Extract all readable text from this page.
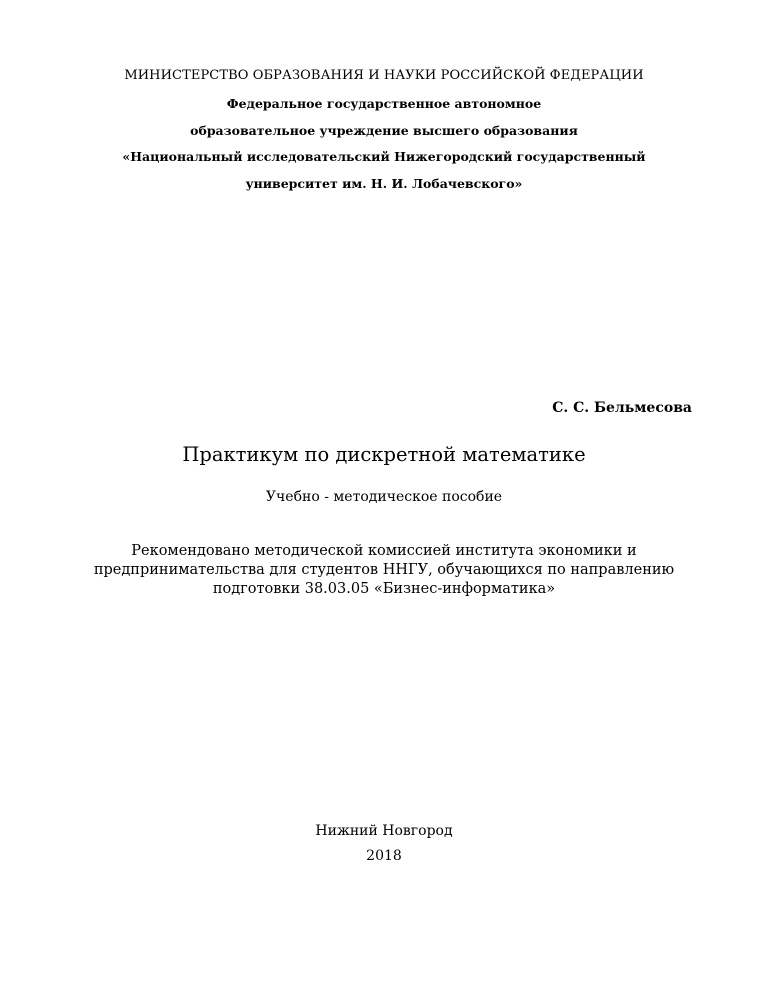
МИНИСТЕРСТВО ОБРАЗОВАНИЯ И НАУКИ РОССИЙСКОЙ ФЕДЕРАЦИИ
Федеральное государственное автономное
образовательное учреждение высшего образования
«Национальный исследовательский Нижегородский государственный
университет им. Н. И. Лобачевского»
С. С. Бельмесова
Практикум по дискретной математике
Учебно - методическое пособие
Рекомендовано методической комиссией института экономики и
предпринимательства для студентов ННГУ, обучающихся по направлению
подготовки 38.03.05 «Бизнес-информатика»
Нижний Новгород
2018
